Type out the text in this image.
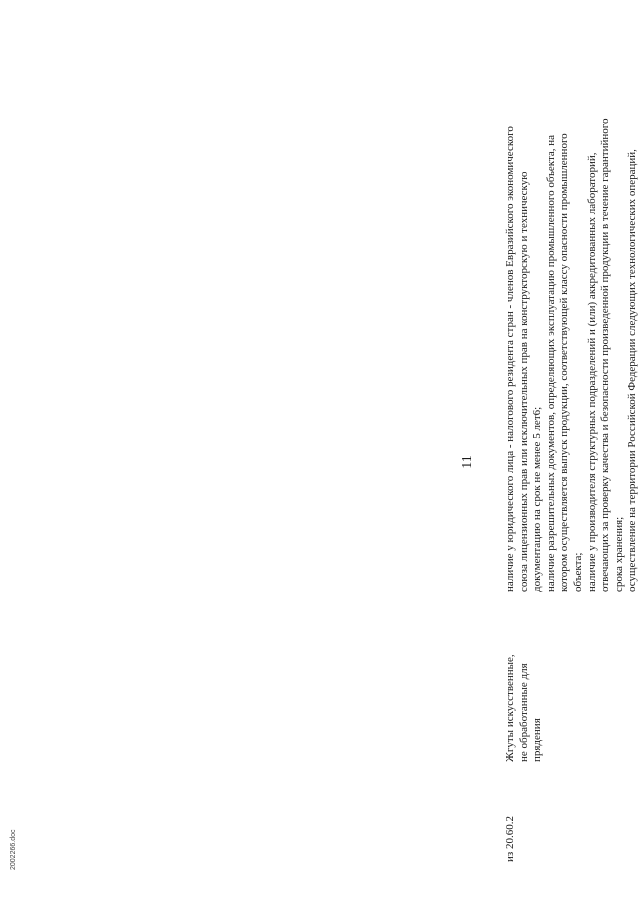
11
из 20.60.2
Жгуты искусственные, не обработанные для прядения
наличие у юридического лица - налогового резидента стран - членов Евразийского экономического союза лицензионных прав или исключительных прав на конструкторскую и техническую документацию на срок не менее 5 лет6; наличие разрешительных документов, определяющих эксплуатацию промышленного объекта, на котором осуществляется выпуск продукции, соответствующей классу опасности промышленного объекта; наличие у производителя структурных подразделений и (или) аккредитованных лабораторий, отвечающих за проверку качества и безопасности произведенной продукции в течение гарантийного срока хранения; осуществление на территории Российской Федерации следующих технологических операций,
2002266.doc
